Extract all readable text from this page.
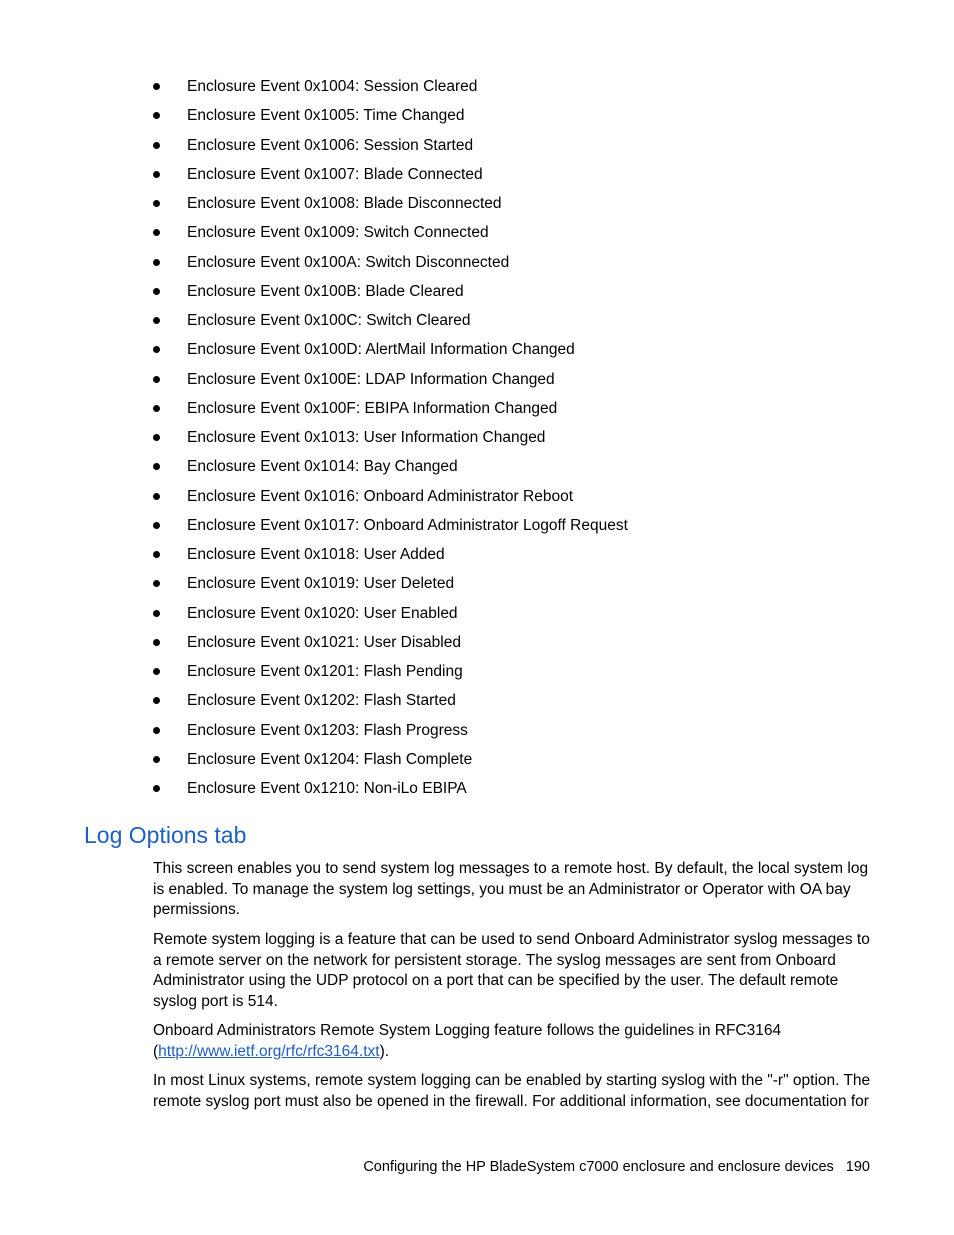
Enclosure Event 0x1004: Session Cleared
Enclosure Event 0x1005: Time Changed
Enclosure Event 0x1006: Session Started
Enclosure Event 0x1007: Blade Connected
Enclosure Event 0x1008: Blade Disconnected
Enclosure Event 0x1009: Switch Connected
Enclosure Event 0x100A: Switch Disconnected
Enclosure Event 0x100B: Blade Cleared
Enclosure Event 0x100C: Switch Cleared
Enclosure Event 0x100D: AlertMail Information Changed
Enclosure Event 0x100E: LDAP Information Changed
Enclosure Event 0x100F: EBIPA Information Changed
Enclosure Event 0x1013: User Information Changed
Enclosure Event 0x1014: Bay Changed
Enclosure Event 0x1016: Onboard Administrator Reboot
Enclosure Event 0x1017: Onboard Administrator Logoff Request
Enclosure Event 0x1018: User Added
Enclosure Event 0x1019: User Deleted
Enclosure Event 0x1020: User Enabled
Enclosure Event 0x1021: User Disabled
Enclosure Event 0x1201: Flash Pending
Enclosure Event 0x1202: Flash Started
Enclosure Event 0x1203: Flash Progress
Enclosure Event 0x1204: Flash Complete
Enclosure Event 0x1210: Non-iLo EBIPA
Log Options tab

This screen enables you to send system log messages to a remote host. By default, the local system log is enabled. To manage the system log settings, you must be an Administrator or Operator with OA bay permissions.

Remote system logging is a feature that can be used to send Onboard Administrator syslog messages to a remote server on the network for persistent storage. The syslog messages are sent from Onboard Administrator using the UDP protocol on a port that can be specified by the user. The default remote syslog port is 514.

Onboard Administrators Remote System Logging feature follows the guidelines in RFC3164 (http://www.ietf.org/rfc/rfc3164.txt).

In most Linux systems, remote system logging can be enabled by starting syslog with the "-r" option. The remote syslog port must also be opened in the firewall. For additional information, see documentation for

Configuring the HP BladeSystem c7000 enclosure and enclosure devices 190
